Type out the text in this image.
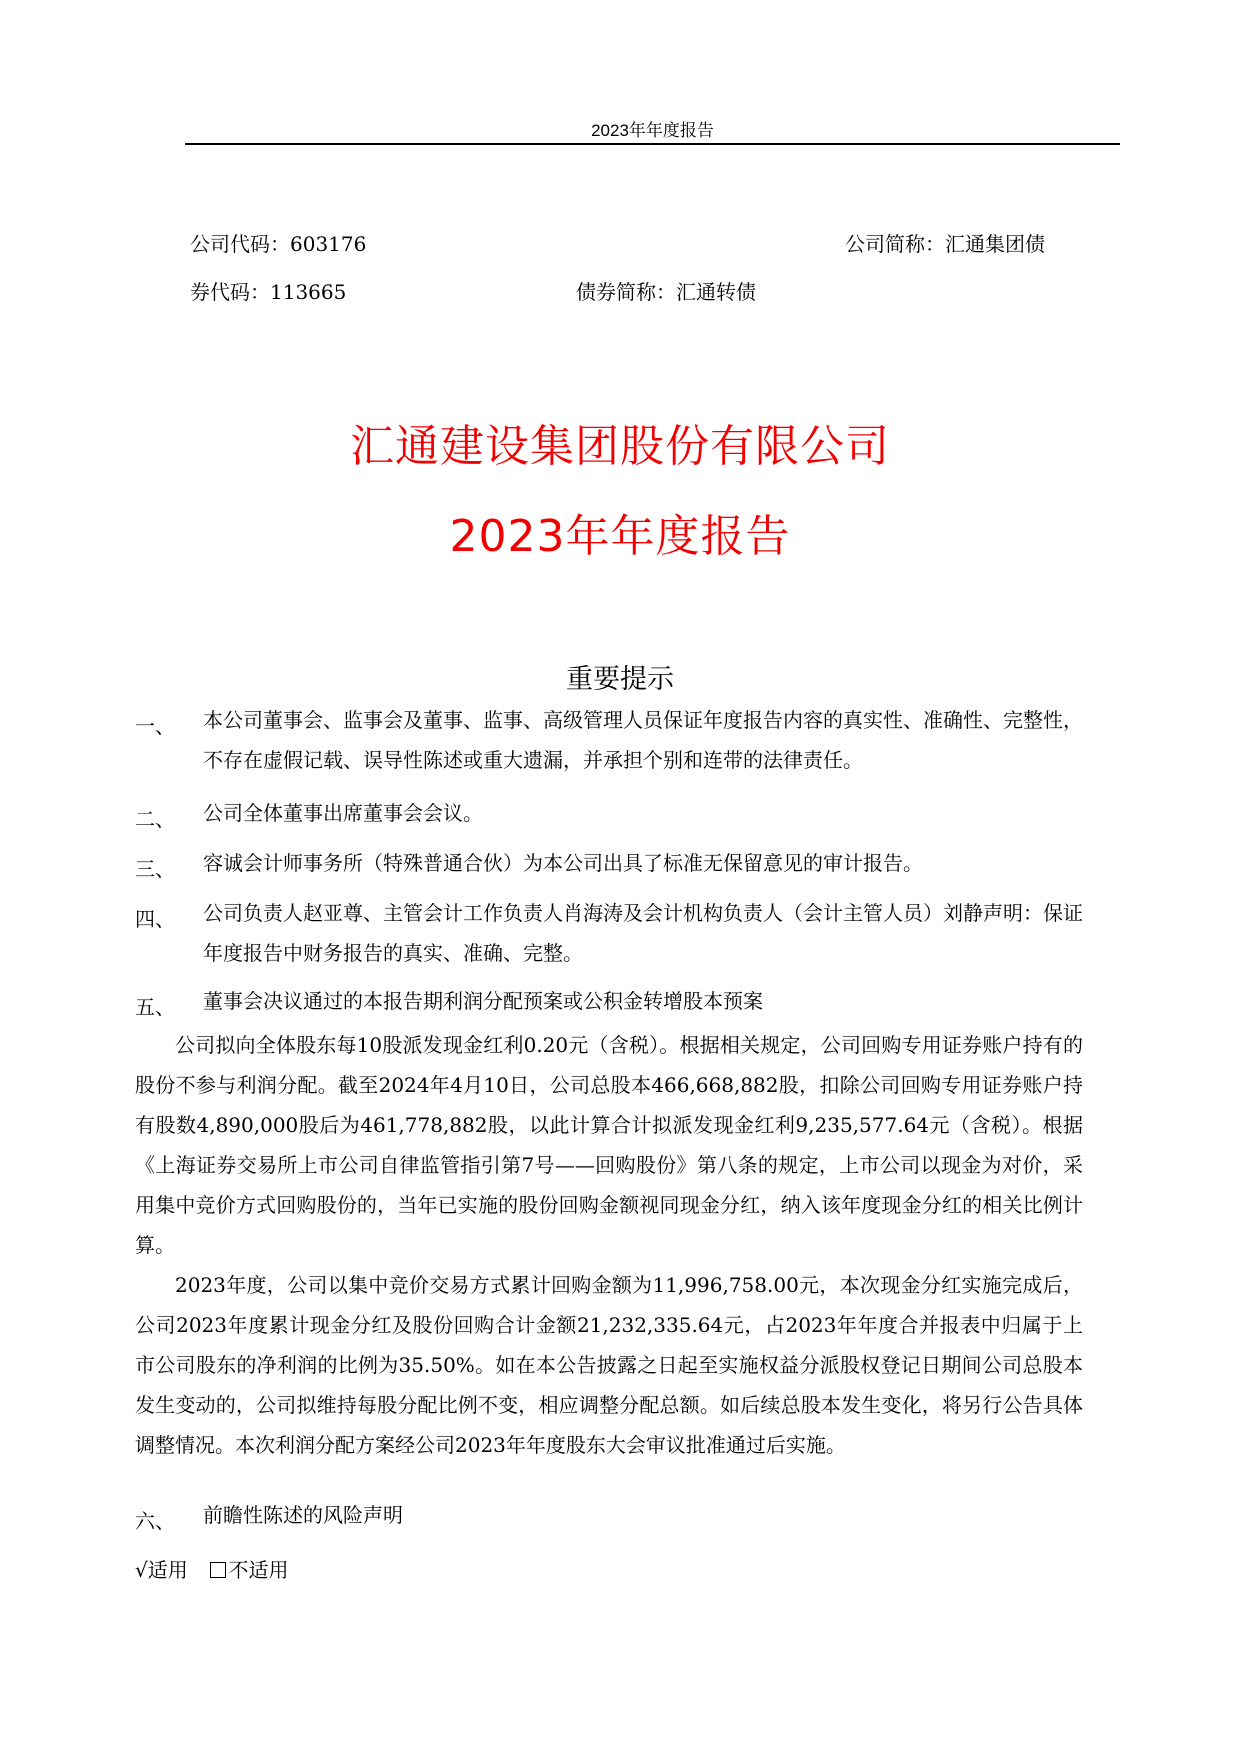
2023年年度报告
公司代码：603176	公司简称：汇通集团债
券代码：113665	债券简称：汇通转债
汇通建设集团股份有限公司
2023年年度报告
重要提示
一、 本公司董事会、监事会及董事、监事、高级管理人员保证年度报告内容的真实性、准确性、完整性，不存在虚假记载、误导性陈述或重大遗漏，并承担个别和连带的法律责任。
二、 公司全体董事出席董事会会议。
三、 容诚会计师事务所（特殊普通合伙）为本公司出具了标准无保留意见的审计报告。
四、 公司负责人赵亚尊、主管会计工作负责人肖海涛及会计机构负责人（会计主管人员）刘静声明：保证年度报告中财务报告的真实、准确、完整。
五、 董事会决议通过的本报告期利润分配预案或公积金转增股本预案
公司拟向全体股东每10股派发现金红利0.20元（含税）。根据相关规定，公司回购专用证券账户持有的股份不参与利润分配。截至2024年4月10日，公司总股本466,668,882股，扣除公司回购专用证券账户持有股数4,890,000股后为461,778,882股，以此计算合计拟派发现金红利9,235,577.64元（含税）。根据《上海证券交易所上市公司自律监管指引第7号——回购股份》第八条的规定，上市公司以现金为对价，采用集中竞价方式回购股份的，当年已实施的股份回购金额视同现金分红，纳入该年度现金分红的相关比例计算。
2023年度，公司以集中竞价交易方式累计回购金额为11,996,758.00元，本次现金分红实施完成后，公司2023年度累计现金分红及股份回购合计金额21,232,335.64元，占2023年年度合并报表中归属于上市公司股东的净利润的比例为35.50%。如在本公告披露之日起至实施权益分派股权登记日期间公司总股本发生变动的，公司拟维持每股分配比例不变，相应调整分配总额。如后续总股本发生变化，将另行公告具体调整情况。本次利润分配方案经公司2023年年度股东大会审议批准通过后实施。
六、 前瞻性陈述的风险声明
√适用 不适用
